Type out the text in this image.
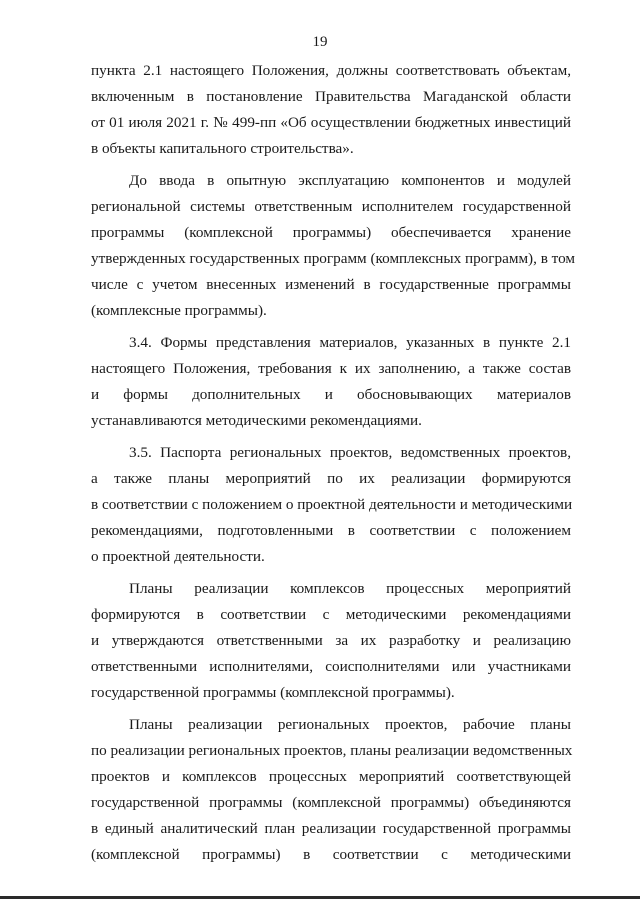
19
пункта 2.1 настоящего Положения, должны соответствовать объектам,
включенным в постановление Правительства Магаданской области
от 01 июля 2021 г. № 499-пп «Об осуществлении бюджетных инвестиций
в объекты капитального строительства».
До ввода в опытную эксплуатацию компонентов и модулей
региональной системы ответственным исполнителем государственной
программы (комплексной программы) обеспечивается хранение
утвержденных государственных программ (комплексных программ), в том
числе с учетом внесенных изменений в государственные программы
(комплексные программы).
3.4. Формы представления материалов, указанных в пункте 2.1
настоящего Положения, требования к их заполнению, а также состав
и формы дополнительных и обосновывающих материалов
устанавливаются методическими рекомендациями.
3.5. Паспорта региональных проектов, ведомственных проектов,
а также планы мероприятий по их реализации формируются
в соответствии с положением о проектной деятельности и методическими
рекомендациями, подготовленными в соответствии с положением
о проектной деятельности.
Планы реализации комплексов процессных мероприятий
формируются в соответствии с методическими рекомендациями
и утверждаются ответственными за их разработку и реализацию
ответственными исполнителями, соисполнителями или участниками
государственной программы (комплексной программы).
Планы реализации региональных проектов, рабочие планы
по реализации региональных проектов, планы реализации ведомственных
проектов и комплексов процессных мероприятий соответствующей
государственной программы (комплексной программы) объединяются
в единый аналитический план реализации государственной программы
(комплексной программы) в соответствии с методическими
